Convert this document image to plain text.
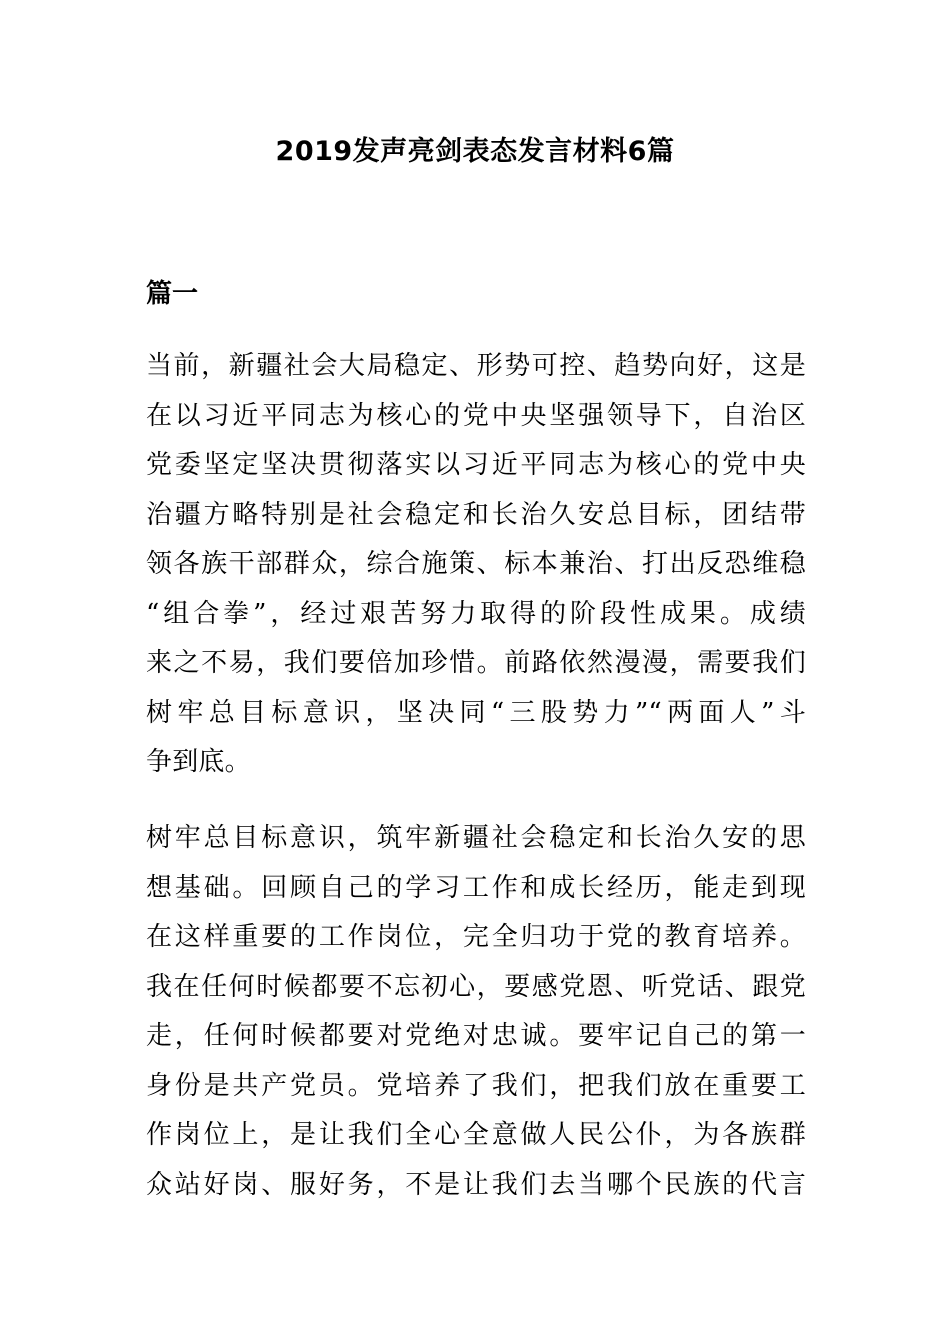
2019发声亮剑表态发言材料6篇
篇一

当前，新疆社会大局稳定、形势可控、趋势向好，这是
在以习近平同志为核心的党中央坚强领导下，自治区
党委坚定坚决贯彻落实以习近平同志为核心的党中央
治疆方略特别是社会稳定和长治久安总目标，团结带
领各族干部群众，综合施策、标本兼治、打出反恐维稳
“组合拳”，经过艰苦努力取得的阶段性成果。成绩
来之不易，我们要倍加珍惜。前路依然漫漫，需要我们
树牢总目标意识，坚决同“三股势力”“两面人”斗
争到底。

树牢总目标意识，筑牢新疆社会稳定和长治久安的思
想基础。回顾自己的学习工作和成长经历，能走到现
在这样重要的工作岗位，完全归功于党的教育培养。
我在任何时候都要不忘初心，要感党恩、听党话、跟党
走，任何时候都要对党绝对忠诚。要牢记自己的第一
身份是共产党员。党培养了我们，把我们放在重要工
作岗位上，是让我们全心全意做人民公仆，为各族群
众站好岗、服好务，不是让我们去当哪个民族的代言
